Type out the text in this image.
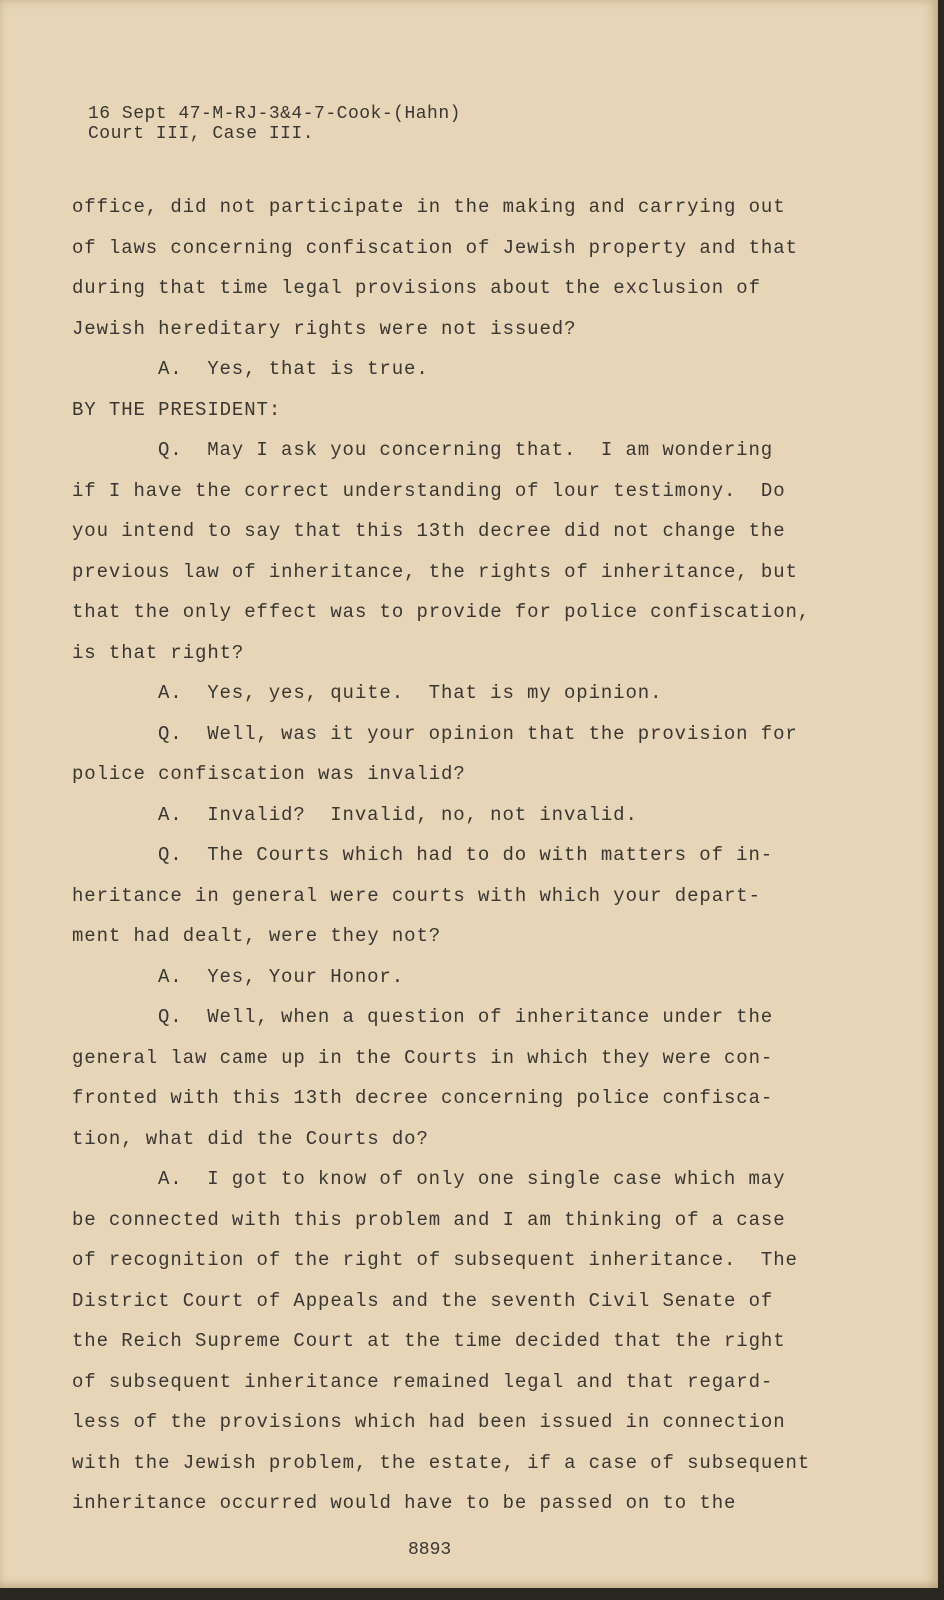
16 Sept 47-M-RJ-3&4-7-Cook-(Hahn)
Court III, Case III.
office, did not participate in the making and carrying out
of laws concerning confiscation of Jewish property and that
during that time legal provisions about the exclusion of
Jewish hereditary rights were not issued?
A.  Yes, that is true.
BY THE PRESIDENT:
Q.  May I ask you concerning that.  I am wondering
if I have the correct understanding of lour testimony.  Do
you intend to say that this 13th decree did not change the
previous law of inheritance, the rights of inheritance, but
that the only effect was to provide for police confiscation,
is that right?
A.  Yes, yes, quite.  That is my opinion.
Q.  Well, was it your opinion that the provision for
police confiscation was invalid?
A.  Invalid?  Invalid, no, not invalid.
Q.  The Courts which had to do with matters of in-
heritance in general were courts with which your depart-
ment had dealt, were they not?
A.  Yes, Your Honor.
Q.  Well, when a question of inheritance under the
general law came up in the Courts in which they were con-
fronted with this 13th decree concerning police confisca-
tion, what did the Courts do?
A.  I got to know of only one single case which may
be connected with this problem and I am thinking of a case
of recognition of the right of subsequent inheritance.  The
District Court of Appeals and the seventh Civil Senate of
the Reich Supreme Court at the time decided that the right
of subsequent inheritance remained legal and that regard-
less of the provisions which had been issued in connection
with the Jewish problem, the estate, if a case of subsequent
inheritance occurred would have to be passed on to the
8893
